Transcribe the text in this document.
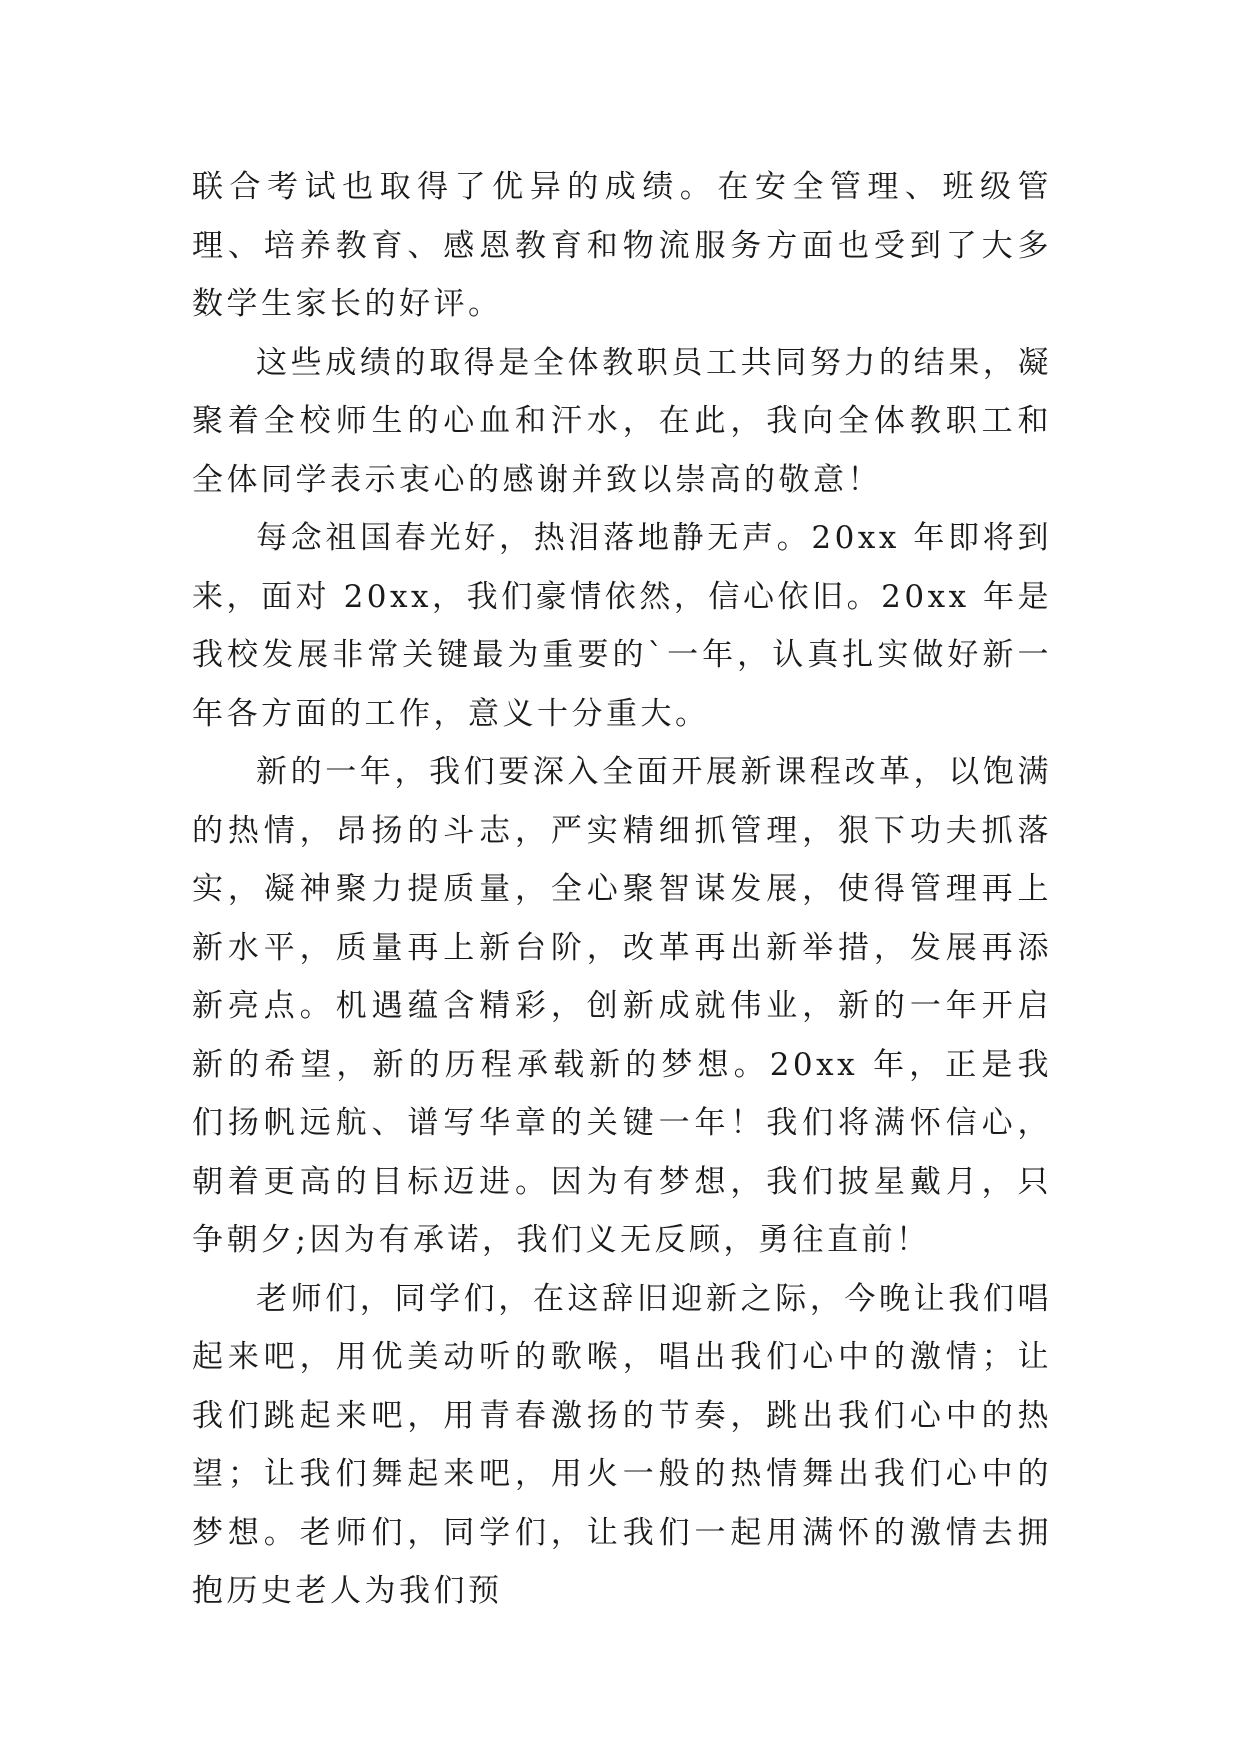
联合考试也取得了优异的成绩。在安全管理、班级管理、培养教育、感恩教育和物流服务方面也受到了大多数学生家长的好评。

这些成绩的取得是全体教职员工共同努力的结果，凝聚着全校师生的心血和汗水，在此，我向全体教职工和全体同学表示衷心的感谢并致以崇高的敬意！

每念祖国春光好，热泪落地静无声。20xx 年即将到来，面对 20xx，我们豪情依然，信心依旧。20xx 年是我校发展非常关键最为重要的`一年，认真扎实做好新一年各方面的工作，意义十分重大。

新的一年，我们要深入全面开展新课程改革，以饱满的热情，昂扬的斗志，严实精细抓管理，狠下功夫抓落实，凝神聚力提质量，全心聚智谋发展，使得管理再上新水平，质量再上新台阶，改革再出新举措，发展再添新亮点。机遇蕴含精彩，创新成就伟业，新的一年开启新的希望，新的历程承载新的梦想。20xx 年，正是我们扬帆远航、谱写华章的关键一年！我们将满怀信心，朝着更高的目标迈进。因为有梦想，我们披星戴月，只争朝夕;因为有承诺，我们义无反顾，勇往直前！

老师们，同学们，在这辞旧迎新之际，今晚让我们唱起来吧，用优美动听的歌喉，唱出我们心中的激情；让我们跳起来吧，用青春激扬的节奏，跳出我们心中的热望；让我们舞起来吧，用火一般的热情舞出我们心中的梦想。老师们，同学们，让我们一起用满怀的激情去拥抱历史老人为我们预
